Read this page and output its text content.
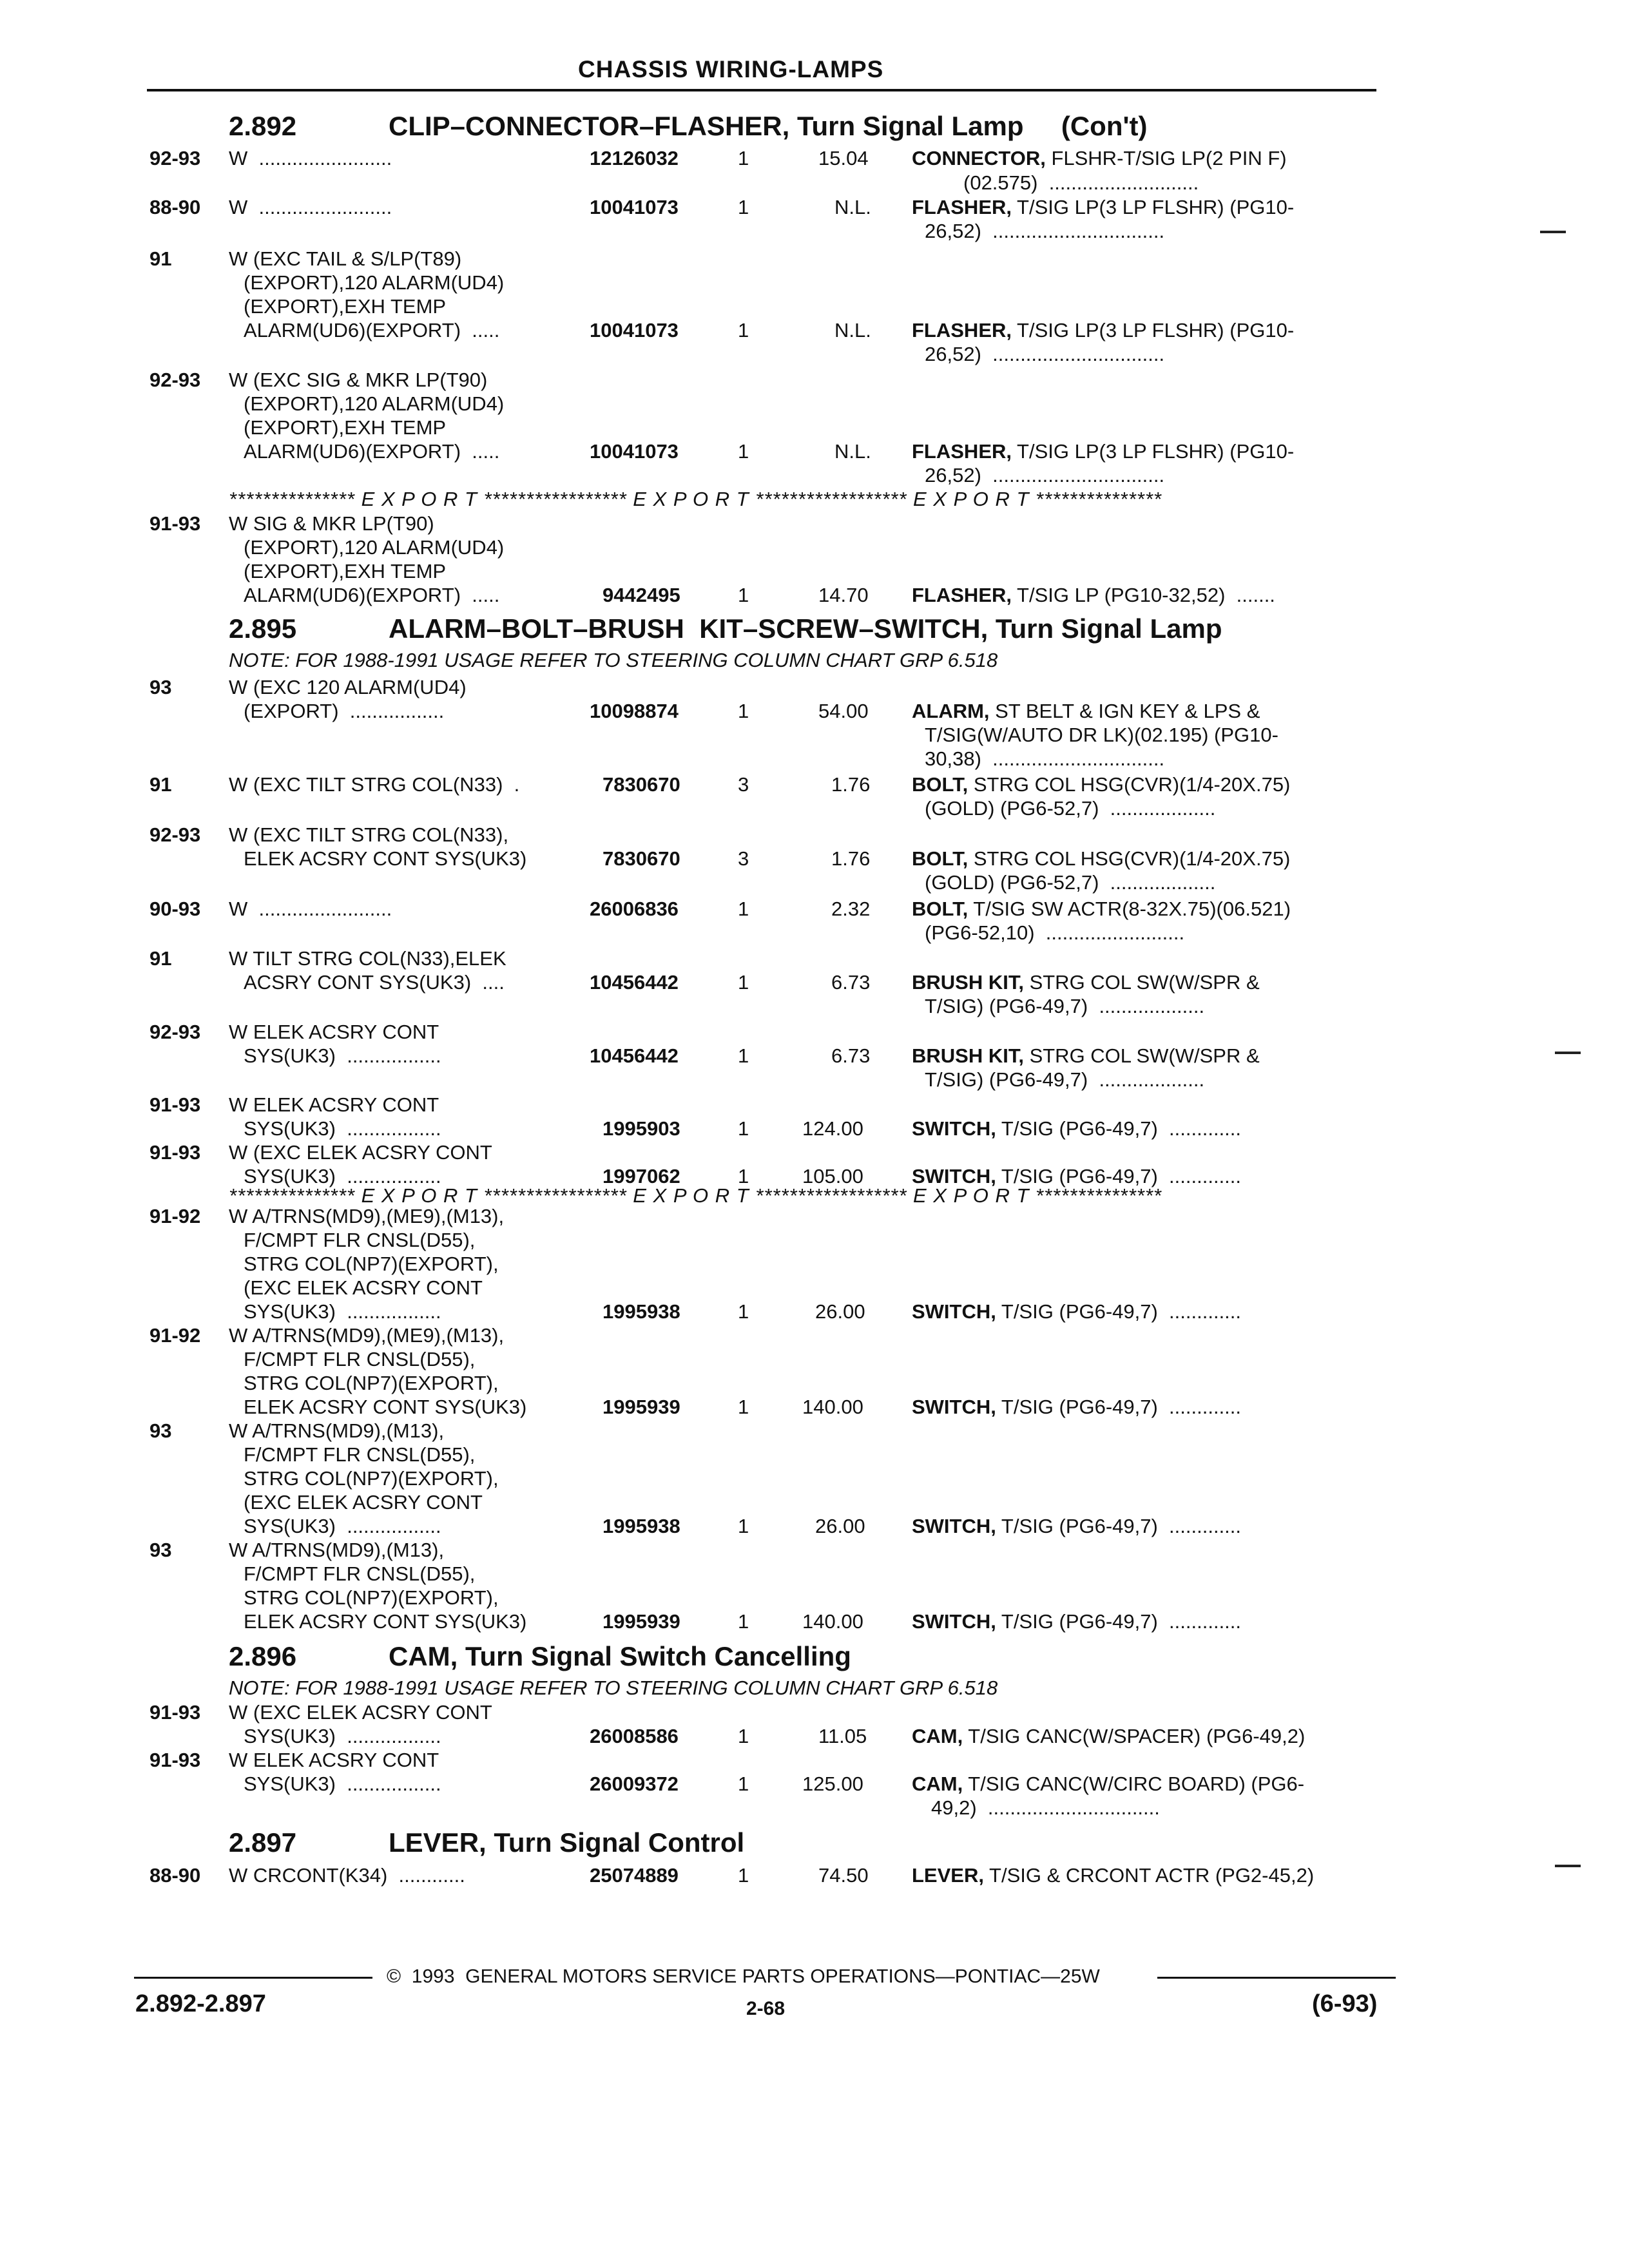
CHASSIS WIRING-LAMPS
2.892	CLIP–CONNECTOR–FLASHER, Turn Signal Lamp     (Con't)
92-93 W  ........................	12126032	1	15.04 CONNECTOR, FLSHR-T/SIG LP(2 PIN F)
(02.575)  ...........................
88-90 W  ........................	10041073	1	N.L. FLASHER, T/SIG LP(3 LP FLSHR) (PG10-
26,52)  ...............................
91	W (EXC TAIL & S/LP(T89)
(EXPORT),120 ALARM(UD4)
(EXPORT),EXH TEMP
ALARM(UD6)(EXPORT)  .....	10041073	1	N.L. FLASHER, T/SIG LP(3 LP FLSHR) (PG10-
26,52)  ...............................
92-93 W (EXC SIG & MKR LP(T90)
(EXPORT),120 ALARM(UD4)
(EXPORT),EXH TEMP
ALARM(UD6)(EXPORT)  .....	10041073	1	N.L. FLASHER, T/SIG LP(3 LP FLSHR) (PG10-
26,52)  ...............................
*************** E X P O R T ***************** E X P O R T ****************** E X P O R T ***************
91-93 W SIG & MKR LP(T90)
(EXPORT),120 ALARM(UD4)
(EXPORT),EXH TEMP
ALARM(UD6)(EXPORT)  .....	9442495	1	14.70 FLASHER, T/SIG LP (PG10-32,52)  .......
2.895	ALARM–BOLT–BRUSH  KIT–SCREW–SWITCH, Turn Signal Lamp
NOTE: FOR 1988-1991 USAGE REFER TO STEERING COLUMN CHART GRP 6.518
93	W (EXC 120 ALARM(UD4)
(EXPORT)  .................	10098874	1	54.00 ALARM, ST BELT & IGN KEY & LPS &
T/SIG(W/AUTO DR LK)(02.195) (PG10-
30,38)  ...............................
91	W (EXC TILT STRG COL(N33)  .	7830670	3	1.76 BOLT, STRG COL HSG(CVR)(1/4-20X.75)
(GOLD) (PG6-52,7)  ...................
92-93 W (EXC TILT STRG COL(N33),
ELEK ACSRY CONT SYS(UK3)	7830670	3	1.76 BOLT, STRG COL HSG(CVR)(1/4-20X.75)
(GOLD) (PG6-52,7)  ...................
90-93 W  ........................	26006836	1	2.32 BOLT, T/SIG SW ACTR(8-32X.75)(06.521)
(PG6-52,10)  .........................
91	W TILT STRG COL(N33),ELEK
ACSRY CONT SYS(UK3)  ....	10456442	1	6.73 BRUSH KIT, STRG COL SW(W/SPR &
T/SIG) (PG6-49,7)  ...................
92-93 W ELEK ACSRY CONT
SYS(UK3)  .................	10456442	1	6.73 BRUSH KIT, STRG COL SW(W/SPR &
T/SIG) (PG6-49,7)  ...................
91-93 W ELEK ACSRY CONT
SYS(UK3)  .................	1995903	1	124.00 SWITCH, T/SIG (PG6-49,7)  .............
91-93 W (EXC ELEK ACSRY CONT
SYS(UK3)  .................	1997062	1	105.00 SWITCH, T/SIG (PG6-49,7)  .............
*************** E X P O R T ***************** E X P O R T ****************** E X P O R T ***************
91-92 W A/TRNS(MD9),(ME9),(M13),
F/CMPT FLR CNSL(D55),
STRG COL(NP7)(EXPORT),
(EXC ELEK ACSRY CONT
SYS(UK3)  .................	1995938	1	26.00 SWITCH, T/SIG (PG6-49,7)  .............
91-92 W A/TRNS(MD9),(ME9),(M13),
F/CMPT FLR CNSL(D55),
STRG COL(NP7)(EXPORT),
ELEK ACSRY CONT SYS(UK3)	1995939	1	140.00 SWITCH, T/SIG (PG6-49,7)  .............
93	W A/TRNS(MD9),(M13),
F/CMPT FLR CNSL(D55),
STRG COL(NP7)(EXPORT),
(EXC ELEK ACSRY CONT
SYS(UK3)  .................	1995938	1	26.00 SWITCH, T/SIG (PG6-49,7)  .............
93	W A/TRNS(MD9),(M13),
F/CMPT FLR CNSL(D55),
STRG COL(NP7)(EXPORT),
ELEK ACSRY CONT SYS(UK3)	1995939	1	140.00 SWITCH, T/SIG (PG6-49,7)  .............
2.896	CAM, Turn Signal Switch Cancelling
NOTE: FOR 1988-1991 USAGE REFER TO STEERING COLUMN CHART GRP 6.518
91-93 W (EXC ELEK ACSRY CONT
SYS(UK3)  .................	26008586	1	11.05 CAM, T/SIG CANC(W/SPACER) (PG6-49,2)
91-93 W ELEK ACSRY CONT
SYS(UK3)  .................	26009372	1	125.00 CAM, T/SIG CANC(W/CIRC BOARD) (PG6-
49,2)  ...............................
2.897	LEVER, Turn Signal Control
88-90 W CRCONT(K34)  ............	25074889	1	74.50 LEVER, T/SIG & CRCONT ACTR (PG2-45,2)
©  1993  GENERAL MOTORS SERVICE PARTS OPERATIONS—PONTIAC—25W
2.892-2.897	2-68	(6-93)
